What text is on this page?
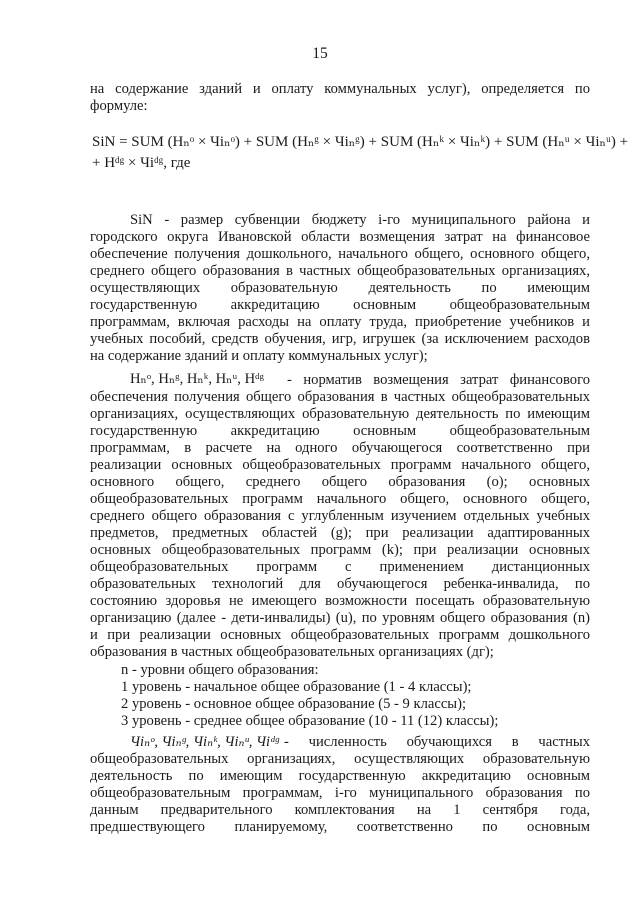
15
на содержание зданий и оплату коммунальных услуг), определяется по
формуле:
SiN = SUM (Hₙᵒ × Чiₙᵒ) + SUM (Hₙᵍ × Чiₙᵍ) + SUM (Hₙᵏ × Чiₙᵏ) + SUM (Hₙᵘ × Чiₙᵘ) +
+ Hᵈᵍ × Чiᵈᵍ, где
SiN - размер субвенции бюджету i-го муниципального района и
городского округа Ивановской области возмещения затрат на финансовое
обеспечение получения дошкольного, начального общего, основного общего,
среднего общего образования в частных общеобразовательных организациях,
осуществляющих образовательную деятельность по имеющим
государственную аккредитацию основным общеобразовательным
программам, включая расходы на оплату труда, приобретение учебников и
учебных пособий, средств обучения, игр, игрушек (за исключением расходов
на содержание зданий и оплату коммунальных услуг);
Hₙᵒ, Hₙᵍ, Hₙᵏ, Hₙᵘ, Hᵈᵍ - норматив возмещения затрат финансового
обеспечения получения общего образования в частных общеобразовательных
организациях, осуществляющих образовательную деятельность по имеющим
государственную аккредитацию основным общеобразовательным
программам, в расчете на одного обучающегося соответственно при
реализации основных общеобразовательных программ начального общего,
основного общего, среднего общего образования (о); основных
общеобразовательных программ начального общего, основного общего,
среднего общего образования с углубленным изучением отдельных учебных
предметов, предметных областей (g); при реализации адаптированных
основных общеобразовательных программ (k); при реализации основных
общеобразовательных программ с применением дистанционных
образовательных технологий для обучающегося ребенка-инвалида, по
состоянию здоровья не имеющего возможности посещать образовательную
организацию (далее - дети-инвалиды) (u), по уровням общего образования (n)
и при реализации основных общеобразовательных программ дошкольного
образования в частных общеобразовательных организациях (дг);
n - уровни общего образования:
1 уровень - начальное общее образование (1 - 4 классы);
2 уровень - основное общее образование (5 - 9 классы);
3 уровень - среднее общее образование (10 - 11 (12) классы);
Чiₙᵒ, Чiₙᵍ, Чiₙᵏ, Чiₙᵘ, Чiᵈᵍ - численность обучающихся в частных
общеобразовательных организациях, осуществляющих образовательную
деятельность по имеющим государственную аккредитацию основным
общеобразовательным программам, i-го муниципального образования по
данным предварительного комплектования на 1 сентября года,
предшествующего планируемому, соответственно по основным
